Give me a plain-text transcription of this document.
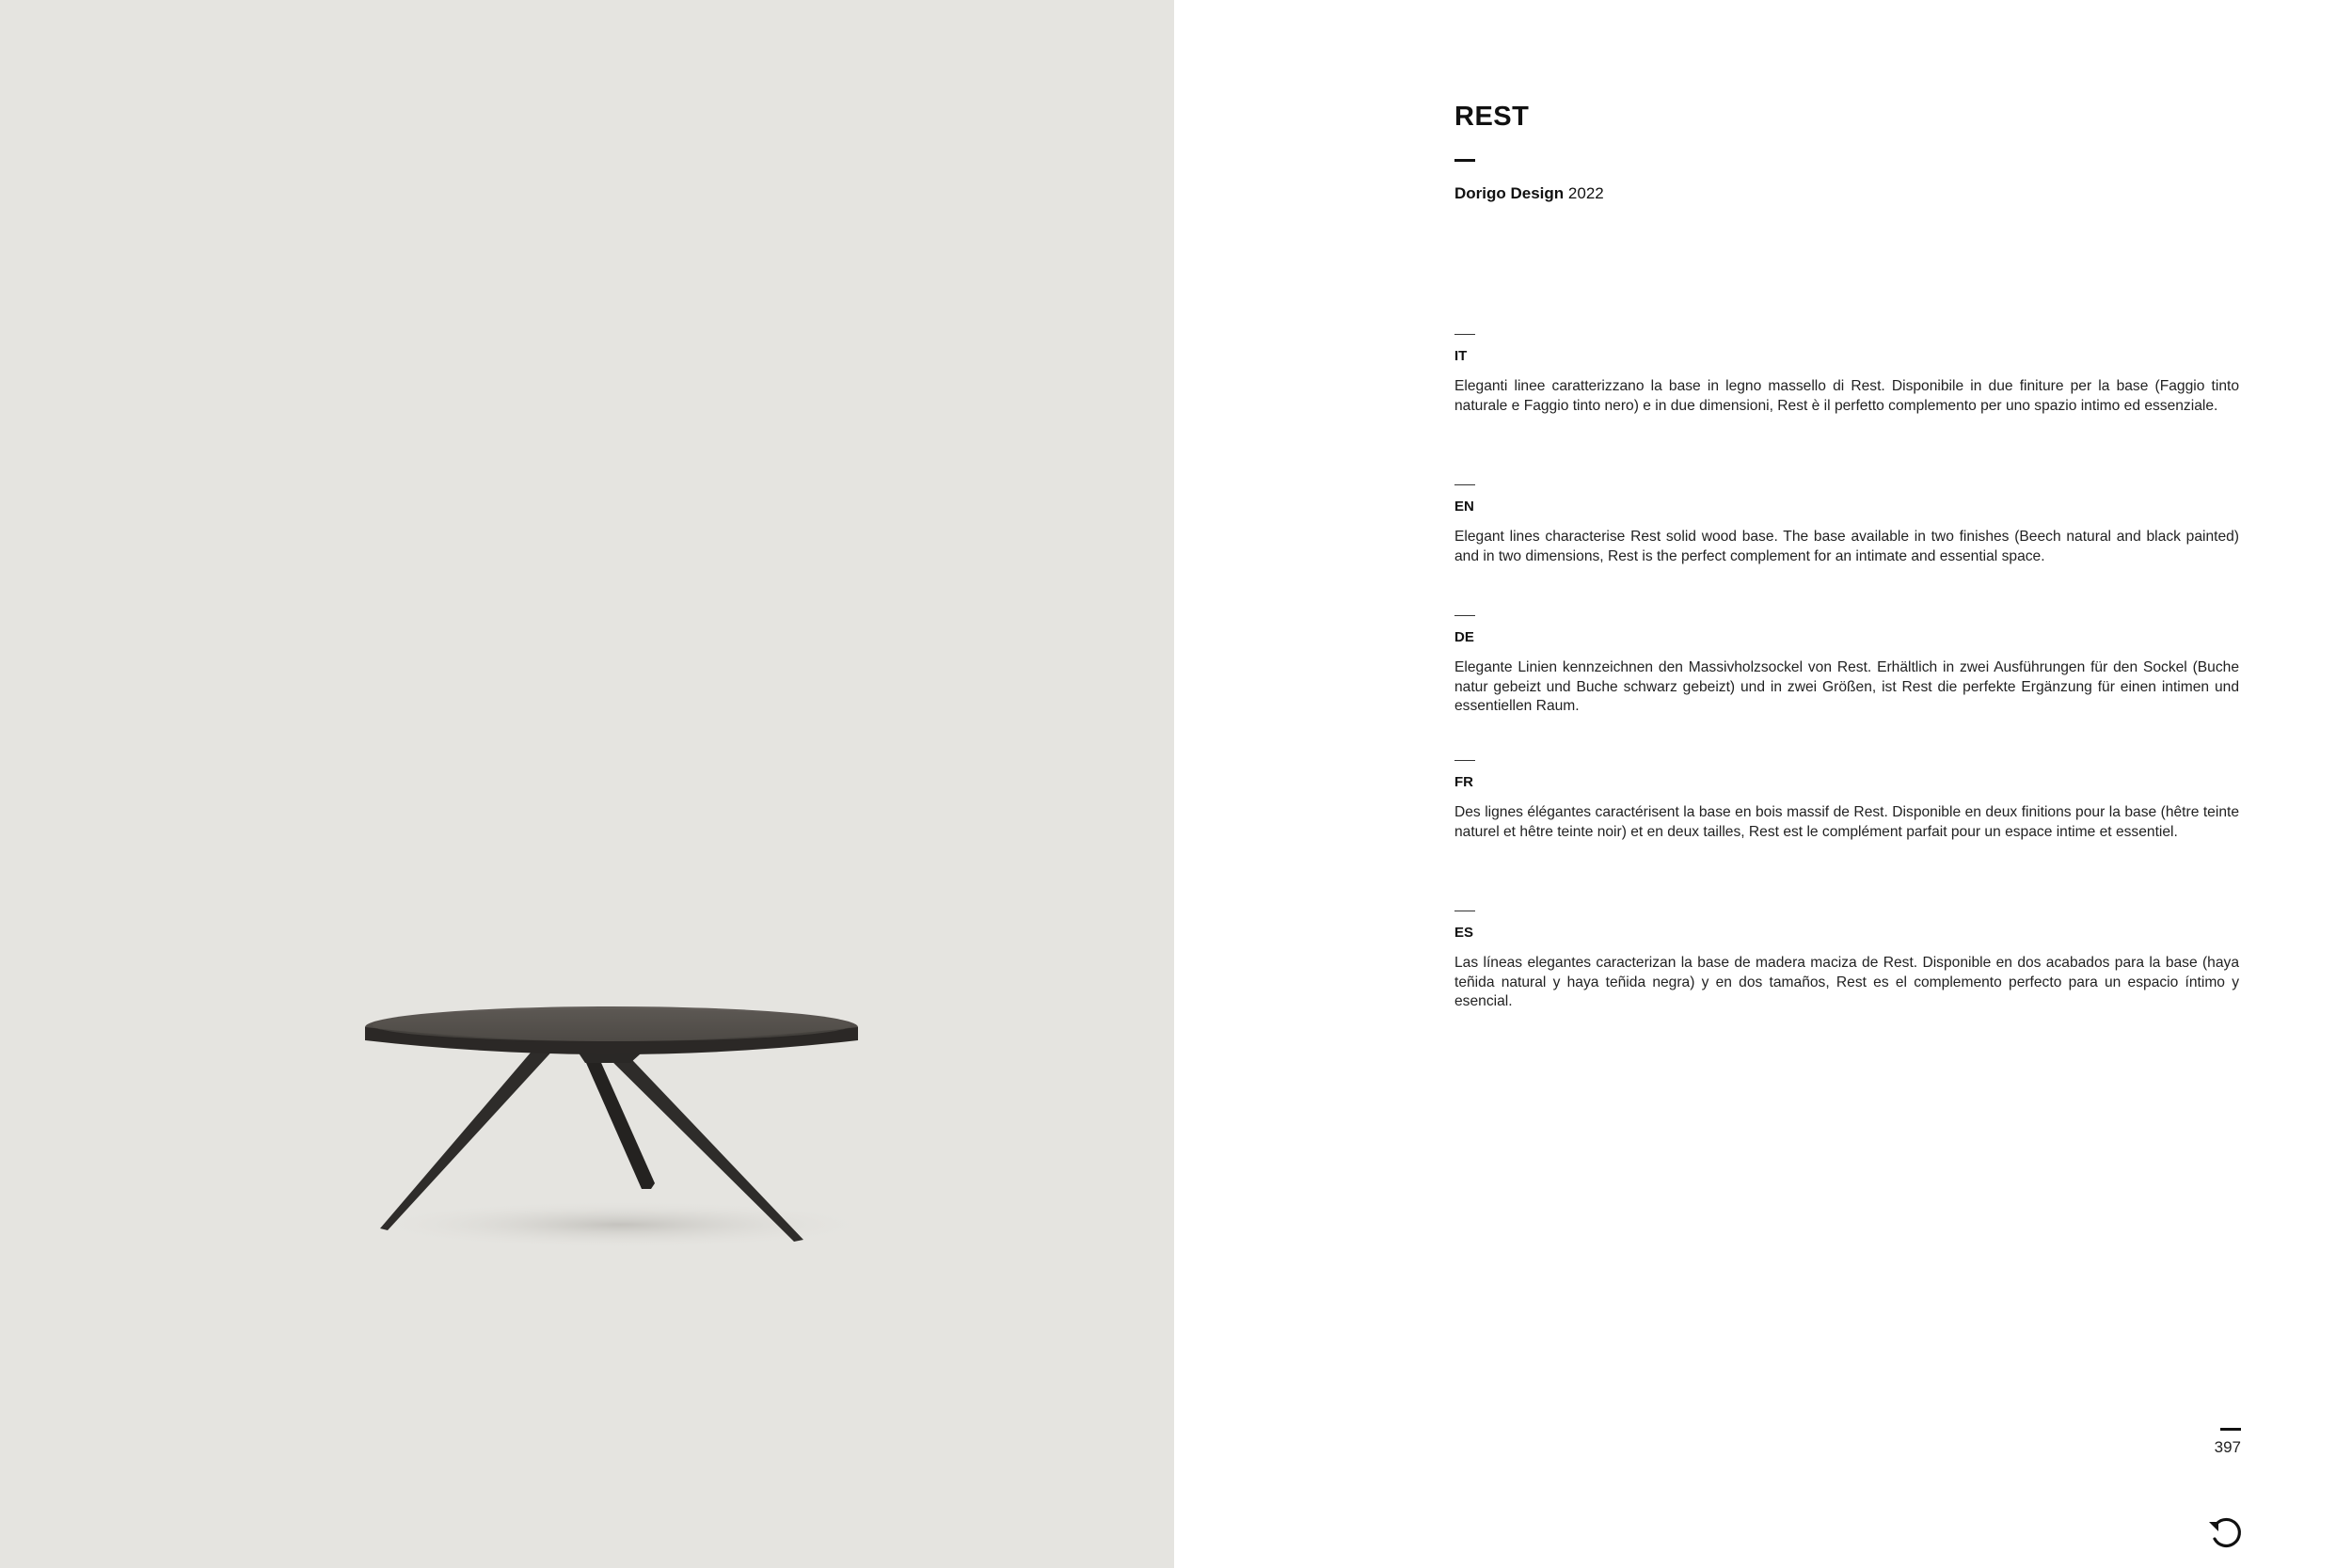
REST
Dorigo Design 2022
IT
Eleganti linee caratterizzano la base in legno massello di Rest. Disponibile in due finiture per la base (Faggio tinto naturale e Faggio tinto nero) e in due dimensioni, Rest è il perfetto complemento per uno spazio intimo ed essenziale.
EN
Elegant lines characterise Rest solid wood base. The base available in two finishes (Beech natural and black painted) and in two dimensions, Rest is the perfect complement for an intimate and essential space.
DE
Elegante Linien kennzeichnen den Massivholzsockel von Rest. Erhältlich in zwei Ausführungen für den Sockel (Buche natur gebeizt und Buche schwarz gebeizt) und in zwei Größen, ist Rest die perfekte Ergänzung für einen intimen und essentiellen Raum.
FR
Des lignes élégantes caractérisent la base en bois massif de Rest. Disponible en deux finitions pour la base (hêtre teinte naturel et hêtre teinte noir) et en deux tailles, Rest est le complément parfait pour un espace intime et essentiel.
ES
Las líneas elegantes caracterizan la base de madera maciza de Rest. Disponible en dos acabados para la base (haya teñida natural y haya teñida negra) y en dos tamaños, Rest es el complemento perfecto para un espacio íntimo y esencial.
397
